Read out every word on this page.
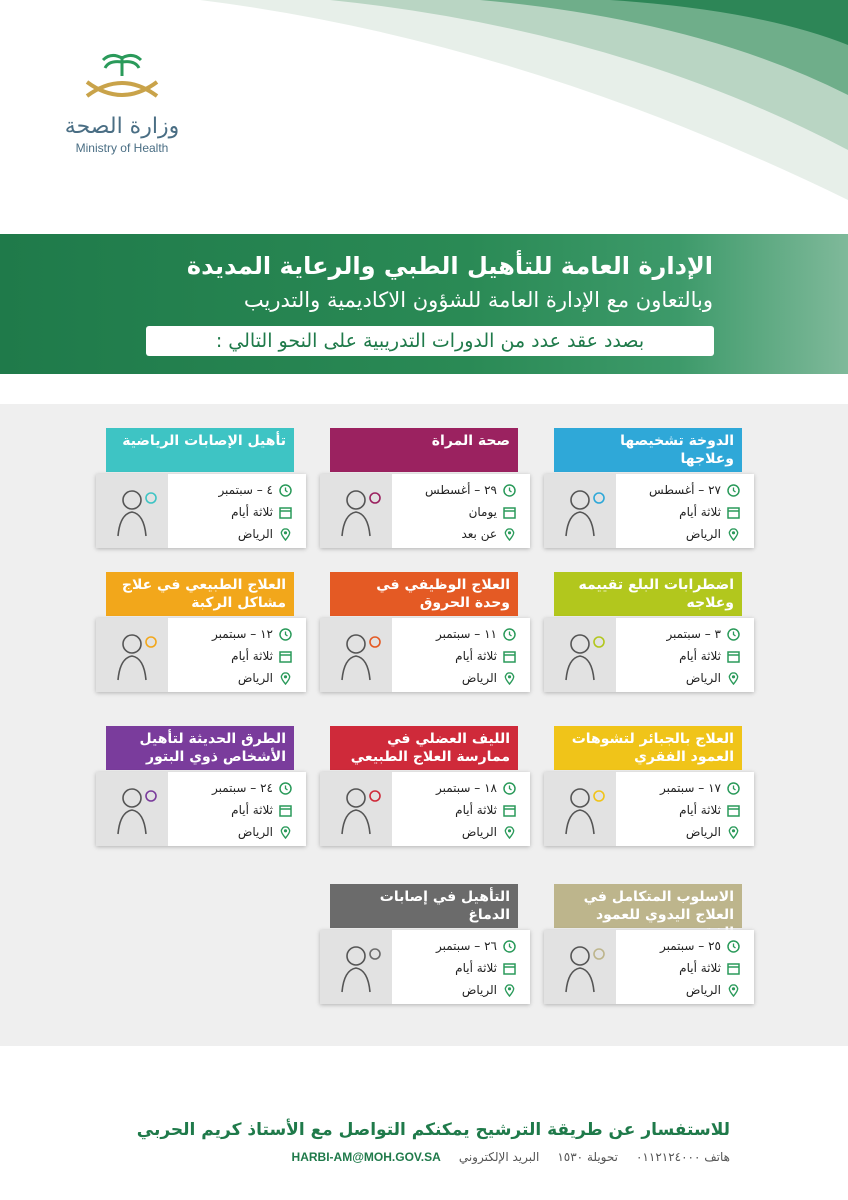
وزارة الصحة
Ministry of Health
الإدارة العامة للتأهيل الطبي والرعاية المديدة
وبالتعاون مع الإدارة العامة للشؤون الاكاديمية والتدريب
بصدد عقد عدد من الدورات التدريبية على النحو التالي :
الدوخة تشخيصها وعلاجها
٢٧ – أغسطس
ثلاثة أيام
الرياض
صحة المراة
٢٩ – أغسطس
يومان
عن بعد
تأهيل الإصابات الرياضية
٤ – سبتمبر
ثلاثة أيام
الرياض
اضطرابات البلع تقييمه وعلاجه
٣ – سبتمبر
ثلاثة أيام
الرياض
العلاج الوظيفي في وحدة الحروق
١١ – سبتمبر
ثلاثة أيام
الرياض
العلاج الطبيعي في علاج مشاكل الركبة
١٢ – سبتمبر
ثلاثة أيام
الرياض
العلاج بالجبائر لتشوهات العمود الفقري
١٧ – سبتمبر
ثلاثة أيام
الرياض
الليف العضلي في ممارسة العلاج الطبيعي
١٨ – سبتمبر
ثلاثة أيام
الرياض
الطرق الحديثة لتأهيل الأشخاص ذوي البتور
٢٤ – سبتمبر
ثلاثة أيام
الرياض
الاسلوب المتكامل في العلاج اليدوي للعمود
٢٥ – سبتمبر
ثلاثة أيام
الرياض
التأهيل في إصابات الدماغ
٢٦ – سبتمبر
ثلاثة أيام
الرياض
للاستفسار عن طريقة الترشيح يمكنكم التواصل مع الأستاذ كريم الحربي
هاتف ٠١١٢١٢٤٠٠٠
تحويلة ١٥٣٠
البريد الإلكتروني
HARBI-AM@MOH.GOV.SA
